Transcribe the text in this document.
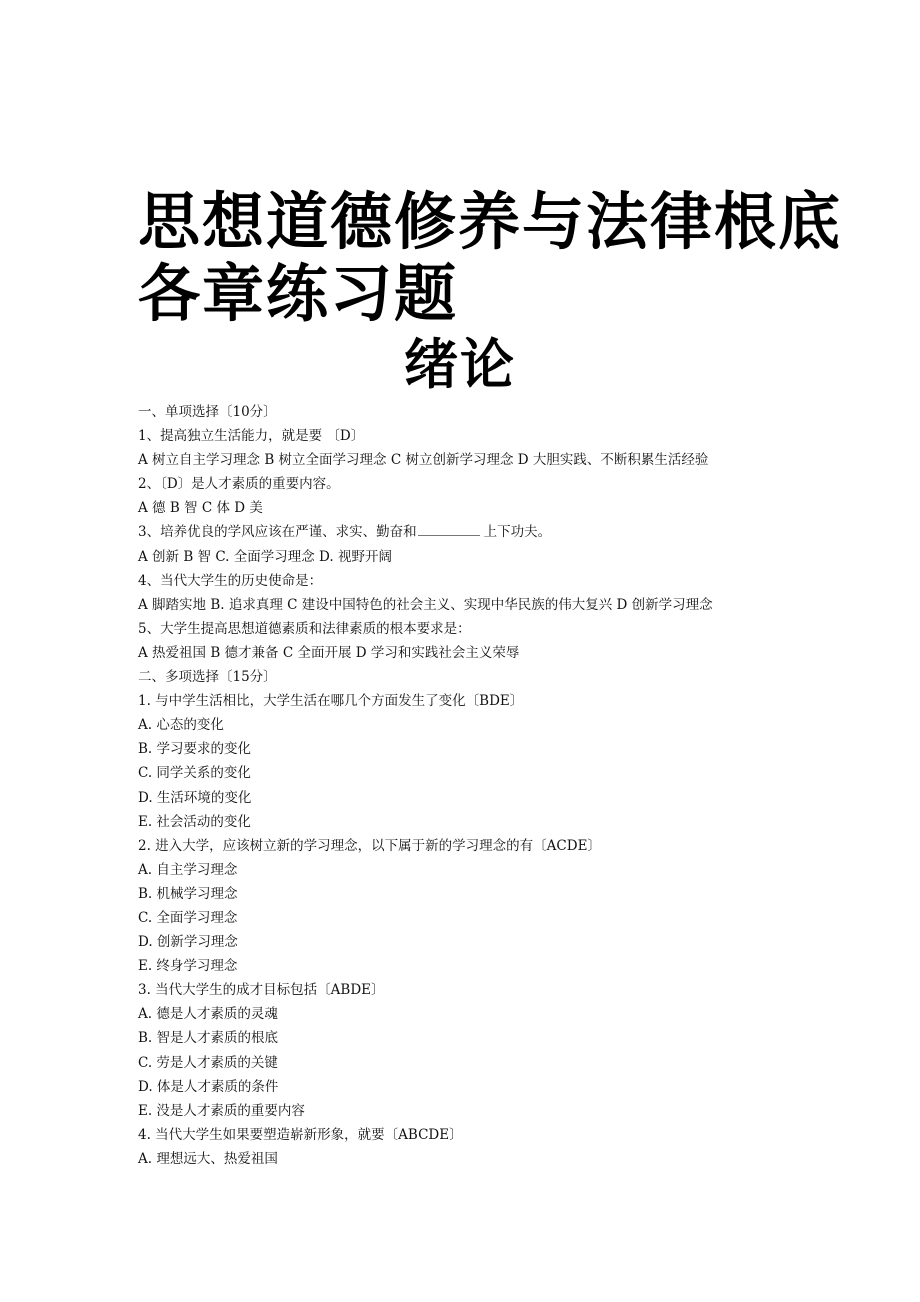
思想道德修养与法律根底
各章练习题
绪论
一、单项选择〔10分〕
1、提高独立生活能力，就是要 〔D〕
A 树立自主学习理念 B 树立全面学习理念 C 树立创新学习理念 D 大胆实践、不断积累生活经验
2、〔D〕是人才素质的重要内容。
A 德 B 智 C 体 D 美
3、培养优良的学风应该在严谨、求实、勤奋和	上下功夫。
A 创新 B 智 C. 全面学习理念 D. 视野开阔
4、当代大学生的历史使命是：
A 脚踏实地 B. 追求真理 C 建设中国特色的社会主义、实现中华民族的伟大复兴 D 创新学习理念
5、大学生提高思想道德素质和法律素质的根本要求是：
A 热爱祖国 B 德才兼备 C 全面开展 D 学习和实践社会主义荣辱
二、多项选择〔15分〕
1. 与中学生活相比，大学生活在哪几个方面发生了变化〔BDE〕
A. 心态的变化
B. 学习要求的变化
C. 同学关系的变化
D. 生活环境的变化
E. 社会活动的变化
2. 进入大学，应该树立新的学习理念，以下属于新的学习理念的有〔ACDE〕
A. 自主学习理念
B. 机械学习理念
C. 全面学习理念
D. 创新学习理念
E. 终身学习理念
3. 当代大学生的成才目标包括〔ABDE〕
A. 德是人才素质的灵魂
B. 智是人才素质的根底
C. 劳是人才素质的关键
D. 体是人才素质的条件
E. 没是人才素质的重要内容
4. 当代大学生如果要塑造崭新形象，就要〔ABCDE〕
A. 理想远大、热爱祖国
